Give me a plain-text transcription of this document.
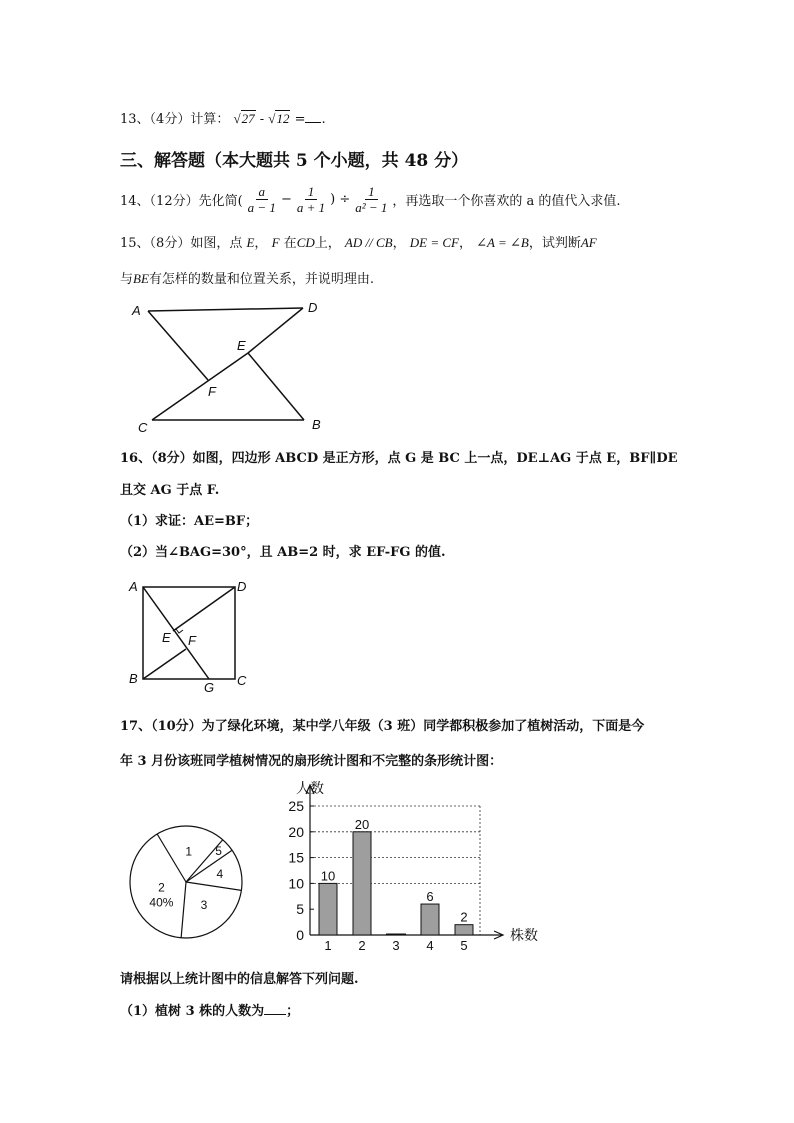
13、（4分）计算： √27 - √12 = .
三、解答题（本大题共 5 个小题，共 48 分）
14、（12分）先化简( $\frac{a}{a - 1} - \frac{1}{a + 1}$ ) ÷ $\frac{1}{\text{a² − 1}}$ ，再选取一个你喜欢的 a 的值代入求值.
15、（8分）如图，点 E， F 在CD上， AD // CB， DE = CF， ∠A = ∠B，试判断AF
与BE有怎样的数量和位置关系，并说明理由.
A	D
E
F
C	B
16、（8分）如图，四边形 ABCD 是正方形，点 G 是 BC 上一点，DE⊥AG 于点 E，BF∥DE
且交 AG 于点 F.
（1）求证：AE=BF；
（2）当∠BAG=30°，且 AB=2 时，求 EF-FG 的值.
A	D
E F
B
G C
17、（10分）为了绿化环境，某中学八年级（3 班）同学都积极参加了植树活动，下面是今
年 3 月份该班同学植树情况的扇形统计图和不完整的条形统计图：
2
40% 3
4
5
1
0
5
10
15
20
25
人数
株数
1
10
2
20
3 4
6
5
2
请根据以上统计图中的信息解答下列问题.
（1）植树 3 株的人数为 ；
